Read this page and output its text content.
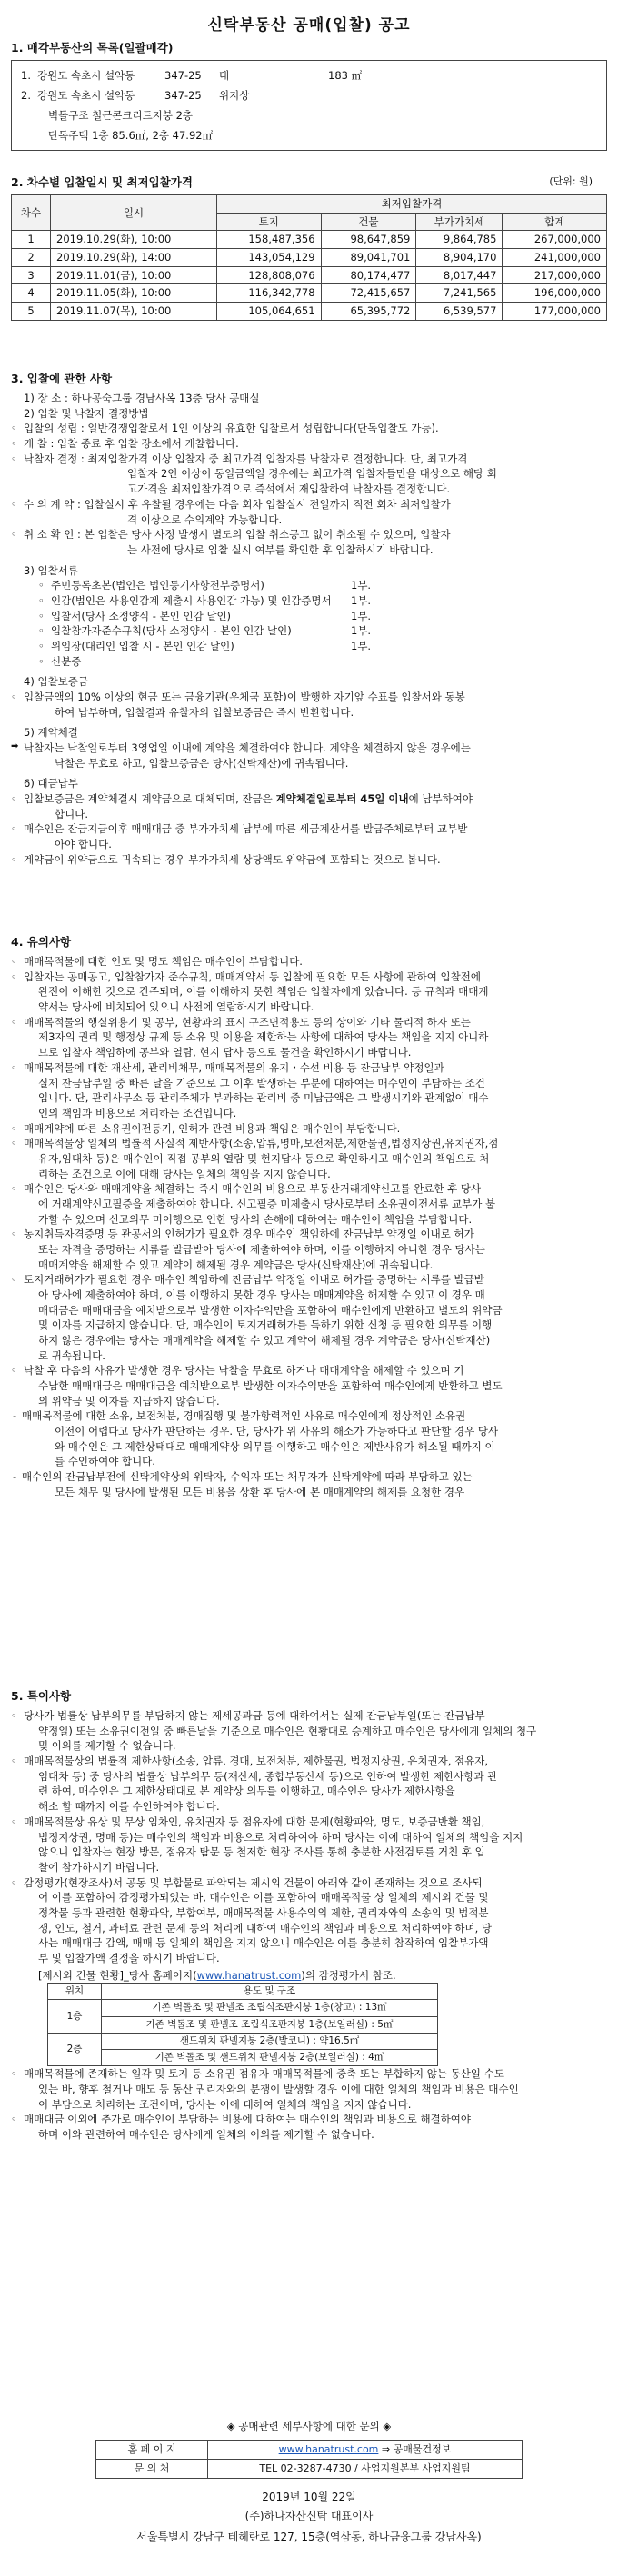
신탁부동산 공매(입찰) 공고
1. 매각부동산의 목록(일괄매각)
1. 강원도 속초시 설악동	347-25	대	183 ㎡
2. 강원도 속초시 설악동	347-25	위지상
벽돌구조 철근콘크리트지붕 2층
단독주택 1층 85.6㎡, 2층 47.92㎡
2. 차수별 입찰일시 및 최저입찰가격	(단위: 원)
차수	일시	최저입찰가격			
		토지	건물	부가가치세	합계
1	2019.10.29(화), 10:00	158,487,356	98,647,859	9,864,785	267,000,000
2	2019.10.29(화), 14:00	143,054,129	89,041,701	8,904,170	241,000,000
3	2019.11.01(금), 10:00	128,808,076	80,174,477	8,017,447	217,000,000
4	2019.11.05(화), 10:00	116,342,778	72,415,657	7,241,565	196,000,000
5	2019.11.07(목), 10:00	105,064,651	65,395,772	6,539,577	177,000,000
3. 입찰에 관한 사항
1) 장 소 : 하나공숙그룹 경남사옥 13층 당사 공매실
2) 입찰 및 낙찰자 결정방법
◦ 입찰의 성립 : 일반경쟁입찰로서 1인 이상의 유효한 입찰로서 성립합니다(단독입찰도 가능).
◦ 개 찰 : 입찰 종료 후 입찰 장소에서 개찰합니다.
◦ 낙찰자 결정 : 최저입찰가격 이상 입찰자 중 최고가격 입찰자를 낙찰자로 결정합니다. 단, 최고가격
입찰자 2인 이상이 동일금액일 경우에는 최고가격 입찰자들만을 대상으로 해당 회
고가격을 최저입찰가격으로 즉석에서 재입찰하여 낙찰자를 결정합니다.
◦ 수 의 계 약 : 입찰실시 후 유찰될 경우에는 다음 회차 입찰실시 전일까지 직전 회차 최저입찰가
격 이상으로 수의계약 가능합니다.
◦ 취 소 확 인 : 본 입찰은 당사 사정 발생시 별도의 입찰 취소공고 없이 취소될 수 있으며, 입찰자
는 사전에 당사로 입찰 실시 여부를 확인한 후 입찰하시기 바랍니다.
3) 입찰서류
◦ 주민등록초본(법인은 법인등기사항전부증명서)	1부.
◦ 인감(법인은 사용인감계 제출시 사용인감 가능) 및 인감증명서	1부.
◦ 입찰서(당사 소정양식 - 본인 인감 날인)	1부.
◦ 입찰참가자준수규칙(당사 소정양식 - 본인 인감 날인)	1부.
◦ 위임장(대리인 입찰 시 - 본인 인감 날인)	1부.
◦ 신분증
4) 입찰보증금
◦ 입찰금액의 10% 이상의 현금 또는 금융기관(우체국 포함)이 발행한 자기앞 수표를 입찰서와 동봉
하여 납부하며, 입찰결과 유찰자의 입찰보증금은 즉시 반환합니다.
5) 계약체결
➡ 낙찰자는 낙찰일로부터 3영업일 이내에 계약을 체결하여야 합니다. 계약을 체결하지 않을 경우에는
낙찰은 무효로 하고, 입찰보증금은 당사(신탁재산)에 귀속됩니다.
6) 대금납부
◦ 입찰보증금은 계약체결시 계약금으로 대체되며, 잔금은 계약체결일로부터 45일 이내에 납부하여야
합니다.
◦ 매수인은 잔금지급이후 매매대금 중 부가가치세 납부에 따른 세금계산서를 발급주체로부터 교부받
아야 합니다.
◦ 계약금이 위약금으로 귀속되는 경우 부가가치세 상당액도 위약금에 포함되는 것으로 봅니다.
4. 유의사항
◦ 매매목적물에 대한 인도 및 명도 책임은 매수인이 부담합니다.
◦ 입찰자는 공매공고, 입찰참가자 준수규칙, 매매계약서 등 입찰에 필요한 모든 사항에 관하여 입찰전에
완전이 이해한 것으로 간주되며, 이를 이해하지 못한 책임은 입찰자에게 있습니다. 등 규칙과 매매계
약서는 당사에 비치되어 있으니 사전에 열람하시기 바랍니다.
◦ 매매목적물의 행실위용기 및 공부, 현황과의 표시 구조면적용도 등의 상이와 기타 물리적 하자 또는
제3자의 권리 및 행정상 규제 등 소유 및 이용을 제한하는 사항에 대하여 당사는 책임을 지지 아니하
므로 입찰자 책임하에 공부와 열람, 현지 답사 등으로 물건을 확인하시기 바랍니다.
◦ 매매목적물에 대한 재산세, 관리비채무, 매매목적물의 유지・수선 비용 등 잔금납부 약정일과
실제 잔금납부일 중 빠른 날을 기준으로 그 이후 발생하는 부분에 대하여는 매수인이 부담하는 조건
입니다. 단, 관리사무소 등 관리주체가 부과하는 관리비 중 미납금액은 그 발생시기와 관계없이 매수
인의 책임과 비용으로 처리하는 조건입니다.
◦ 매매계약에 따른 소유권이전등기, 인허가 관련 비용과 책임은 매수인이 부담합니다.
◦ 매매목적물상 일체의 법률적 사실적 제반사항(소송,압류,명마,보전처분,제한물권,법정지상권,유치권자,점
유자,임대차 등)은 매수인이 직접 공부의 열람 및 현지답사 등으로 확인하시고 매수인의 책임으로 처
리하는 조건으로 이에 대해 당사는 일체의 책임을 지지 않습니다.
◦ 매수인은 당사와 매매계약을 체결하는 즉시 매수인의 비용으로 부동산거래계약신고를 완료한 후 당사
에 거래계약신고필증을 제출하여야 합니다. 신고필증 미제출시 당사로부터 소유권이전서류 교부가 불
가할 수 있으며 신고의무 미이행으로 인한 당사의 손해에 대하여는 매수인이 책임을 부담합니다.
◦ 농지취득자격증명 등 관공서의 인허가가 필요한 경우 매수인 책임하에 잔금납부 약정일 이내로 허가
또는 자격을 증명하는 서류를 발급받아 당사에 제출하여야 하며, 이를 이행하지 아니한 경우 당사는
매매계약을 해제할 수 있고 계약이 해제될 경우 계약금은 당사(신탁재산)에 귀속됩니다.
◦ 토지거래허가가 필요한 경우 매수인 책임하에 잔금납부 약정일 이내로 허가를 증명하는 서류를 발급받
아 당사에 제출하여야 하며, 이를 이행하지 못한 경우 당사는 매매계약을 해제할 수 있고 이 경우 매
매대금은 매매대금을 예치받으로부 발생한 이자수익만을 포함하여 매수인에게 반환하고 별도의 위약금
및 이자를 지급하지 않습니다. 단, 매수인이 토지거래허가를 득하기 위한 신청 등 필요한 의무를 이행
하지 않은 경우에는 당사는 매매계약을 해제할 수 있고 계약이 해제될 경우 계약금은 당사(신탁재산)
로 귀속됩니다.
◦ 낙찰 후 다음의 사유가 발생한 경우 당사는 낙찰을 무효로 하거나 매매계약을 해제할 수 있으며 기
수납한 매매대금은 매매대금을 예치받으로부 발생한 이자수익만을 포함하여 매수인에게 반환하고 별도
의 위약금 및 이자를 지급하지 않습니다.
- 매매목적물에 대한 소유, 보전처분, 경매집행 및 불가항력적인 사유로 매수인에게 정상적인 소유권
이전이 어렵다고 당사가 판단하는 경우. 단, 당사가 위 사유의 해소가 가능하다고 판단할 경우 당사
와 매수인은 그 제한상태대로 매매계약상 의무를 이행하고 매수인은 제반사유가 해소될 때까지 이
를 수인하여야 합니다.
- 매수인의 잔금납부전에 신탁계약상의 위탁자, 수익자 또는 채무자가 신탁계약에 따라 부담하고 있는
모든 채무 및 당사에 발생된 모든 비용을 상환 후 당사에 본 매매계약의 해제를 요청한 경우
5. 특이사항
◦ 당사가 법률상 납부의무를 부담하지 않는 제세공과금 등에 대하여서는 실제 잔금납부일(또는 잔금납부
약정일) 또는 소유권이전일 중 빠른날을 기준으로 매수인은 현황대로 승계하고 매수인은 당사에게 일체의 청구
및 이의를 제기할 수 없습니다.
◦ 매매목적물상의 법률적 제한사항(소송, 압류, 경매, 보전처분, 제한물권, 법정지상권, 유치권자, 점유자,
임대차 등) 중 당사의 법률상 납부의무 등(재산세, 종합부동산세 등)으로 인하여 발생한 제한사항과 관
련 하여, 매수인은 그 제한상태대로 본 계약상 의무를 이행하고, 매수인은 당사가 제한사항을
해소 할 때까지 이를 수인하여야 합니다.
◦ 매매목적물상 유상 및 무상 임차인, 유치권자 등 점유자에 대한 문제(현황파악, 명도, 보증금반환 책임,
법정지상권, 명매 등)는 매수인의 책임과 비용으로 처리하여야 하며 당사는 이에 대하여 일체의 책임을 지지
않으니 입찰자는 현장 방문, 점유자 탐문 등 철저한 현장 조사를 통해 충분한 사전검토를 거친 후 입
찰에 참가하시기 바랍니다.
◦ 감정평가(현장조사)서 공동 및 부합물로 파악되는 제시외 건물이 아래와 같이 존재하는 것으로 조사되
어 이를 포함하여 감정평가되었는 바, 매수인은 이를 포함하여 매매목적물 상 일체의 제시외 건물 및
정착물 등과 관련한 현황파악, 부합여부, 매매목적물 사용수익의 제한, 권리자와의 소송의 및 법적분
쟁, 인도, 철거, 과태료 관련 문제 등의 처리에 대하여 매수인의 책임과 비용으로 처리하여야 하며, 당
사는 매매대금 감액, 매매 등 일체의 책임을 지지 않으니 매수인은 이를 충분히 참작하여 입찰부가액
부 및 입찰가액 결정을 하시기 바랍니다.
[제시외 건물 현황]_당사 홈페이지(www.hanatrust.com)의 감정평가서 참조.
위치	용도 및 구조
1층	기존 벽돌조 및 판넬조 조립식조판지붕 1층(창고) : 13㎡
	기존 벽돌조 및 판넬조 조립식조판지붕 1층(보일러실) : 5㎡
2층	샌드위치 판넬지붕 2층(발코니) : 약16.5㎡
	기존 벽돌조 및 샌드위치 판넬지붕 2층(보일러실) : 4㎡
◦ 매매목적물에 존재하는 일각 및 토지 등 소유권 점유자 매매목적물에 중축 또는 부합하지 않는 동산일 수도
있는 바, 향후 철거나 매도 등 동산 권리자와의 분쟁이 발생할 경우 이에 대한 일체의 책임과 비용은 매수인
이 부담으로 처리하는 조건이며, 당사는 이에 대하여 일체의 책임을 지지 않습니다.
◦ 매매대금 이외에 추가로 매수인이 부담하는 비용에 대하여는 매수인의 책임과 비용으로 해결하여야
하며 이와 관련하여 매수인은 당사에게 일체의 이의를 제기할 수 없습니다.
◈ 공매관련 세부사항에 대한 문의 ◈
홈 페 이 지	www.hanatrust.com ⇒ 공매물건정보
문 의 처	TEL 02-3287-4730 / 사업지원본부 사업지원팀
2019년 10월 22일
(주)하나자산신탁 대표이사
서울특별시 강남구 테헤란로 127, 15층(역삼동, 하나금융그룹 강남사옥)
